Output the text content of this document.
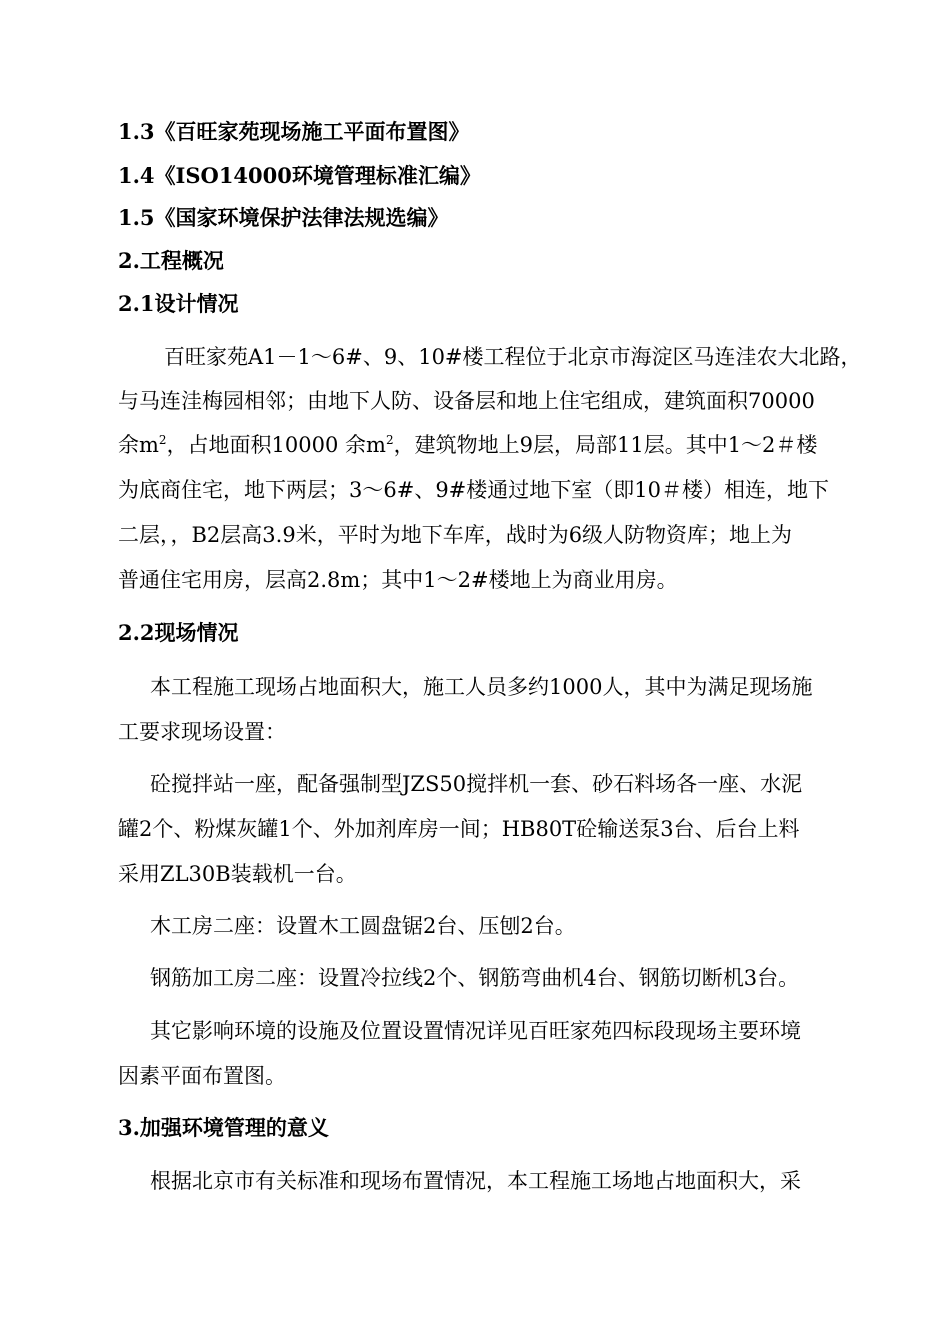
1.3《百旺家苑现场施工平面布置图》
1.4《ISO14000环境管理标准汇编》
1.5《国家环境保护法律法规选编》
2.工程概况
2.1设计情况
百旺家苑A1－1～6#、9、10#楼工程位于北京市海淀区马连洼农大北路，
与马连洼梅园相邻；由地下人防、设备层和地上住宅组成，建筑面积70000
余$m^2$，占地面积10000 余$m^2$，建筑物地上9层，局部11层。其中1～2＃楼
为底商住宅，地下两层；3～6#、9#楼通过地下室（即10＃楼）相连，地下
二层，，B2层高3.9米，平时为地下车库，战时为6级人防物资库；地上为
普通住宅用房，层高2.8m；其中1～2#楼地上为商业用房。
2.2现场情况
本工程施工现场占地面积大，施工人员多约1000人，其中为满足现场施
工要求现场设置：
砼搅拌站一座，配备强制型JZS50搅拌机一套、砂石料场各一座、水泥
罐2个、粉煤灰罐1个、外加剂库房一间；HB80T砼输送泵3台、后台上料
采用ZL30B装载机一台。
木工房二座：设置木工圆盘锯2台、压刨2台。
钢筋加工房二座：设置冷拉线2个、钢筋弯曲机4台、钢筋切断机3台。
其它影响环境的设施及位置设置情况详见百旺家苑四标段现场主要环境
因素平面布置图。
3.加强环境管理的意义
根据北京市有关标准和现场布置情况，本工程施工场地占地面积大，采
